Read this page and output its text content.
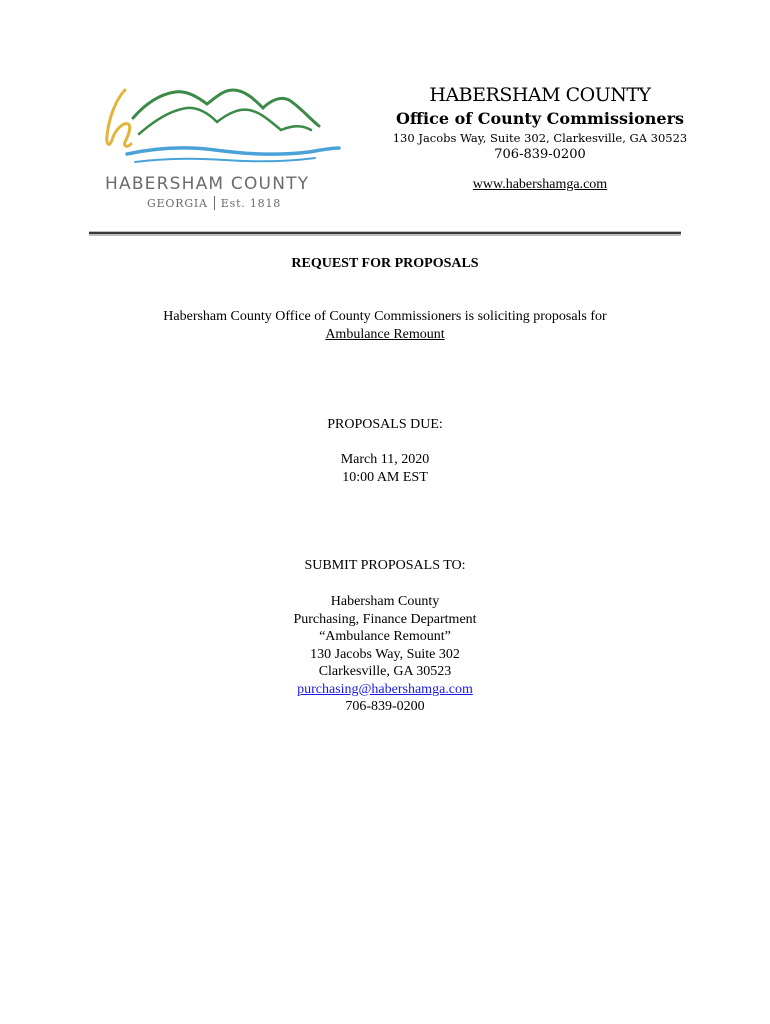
HABERSHAM COUNTY
GEORGIA Est. 1818
HABERSHAM COUNTY
Office of County Commissioners
130 Jacobs Way, Suite 302, Clarkesville, GA 30523
706-839-0200
www.habershamga.com
REQUEST FOR PROPOSALS
Habersham County Office of County Commissioners is soliciting proposals for
Ambulance Remount
PROPOSALS DUE:
March 11, 2020
10:00 AM EST
SUBMIT PROPOSALS TO:
Habersham County
Purchasing, Finance Department
“Ambulance Remount”
130 Jacobs Way, Suite 302
Clarkesville, GA 30523
purchasing@habershamga.com
706-839-0200
